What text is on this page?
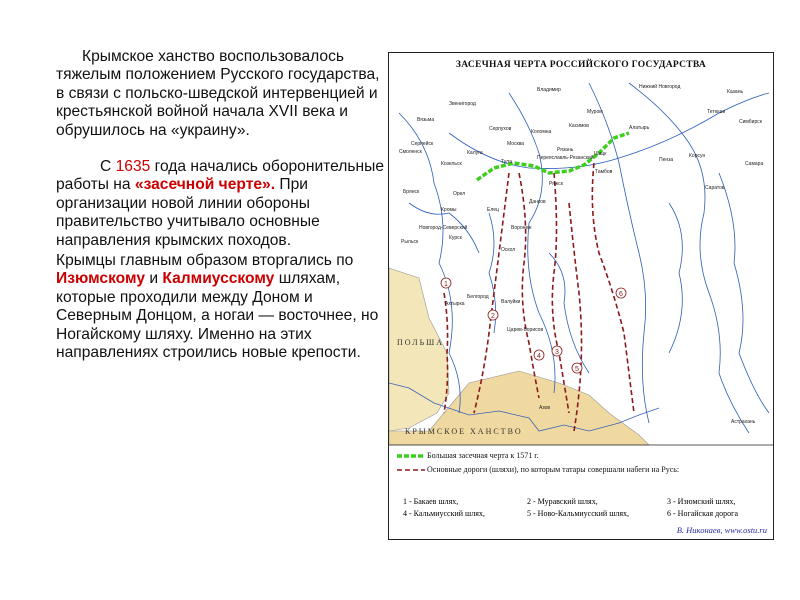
Крымское ханство воспользовалось тяжелым положением Русского государства, в связи с польско-шведской интервенцией и крестьянской войной начала XVII века и обрушилось на «украину».

С 1635 года начались оборонительные работы на «засечной черте». При организации новой линии обороны правительство учитывало основные направления крымских походов.

Крымцы главным образом вторгались по Изюмскому и Калмиусскому шляхам, которые проходили между Доном и Северным Донцом, а ногаи — восточнее, но Ногайскому шляху. Именно на этих направлениях строились новые крепости.

1
2
3
4
5
6
Москва
Тула
Калуга
Серпухов	Коломна
Рязань
Переяславль-Рязанский
Шацк
Тамбов
Алатырь
Казань
Нижний Новгород
Муром
Владимир
Звенигород
Вязьма
Смоленск
Козельск
Брянск	Орел
Кромы
Новгород-Северский
Рыльск
Курск
Елец
Воронеж
Оскол
Белгород
Валуйки
Царев-Борисов
Ахтырка
Азов
Астрахань
Симбирск
Самара
Саратов
Корсун
Пенза
Ряжск
Данков
Тетюши
Касимов
Серпейск
ПОЛЬША
КРЫМСКОЕ ХАНСТВО
ЗАСЕЧНАЯ ЧЕРТА РОССИЙСКОГО ГОСУДАРСТВА
Большая засечная черта к 1571 г.
Основные дороги (шляхи), по которым татары совершали набеги на Русь:
1 - Бакаев шлях,	2 - Муравский шлях,	3 - Изюмский шлях,
4 - Кальмиусский шлях,	5 - Ново-Кальмиусский шлях,	6 - Ногайская дорога
В. Никонаев, www.ostu.ru
